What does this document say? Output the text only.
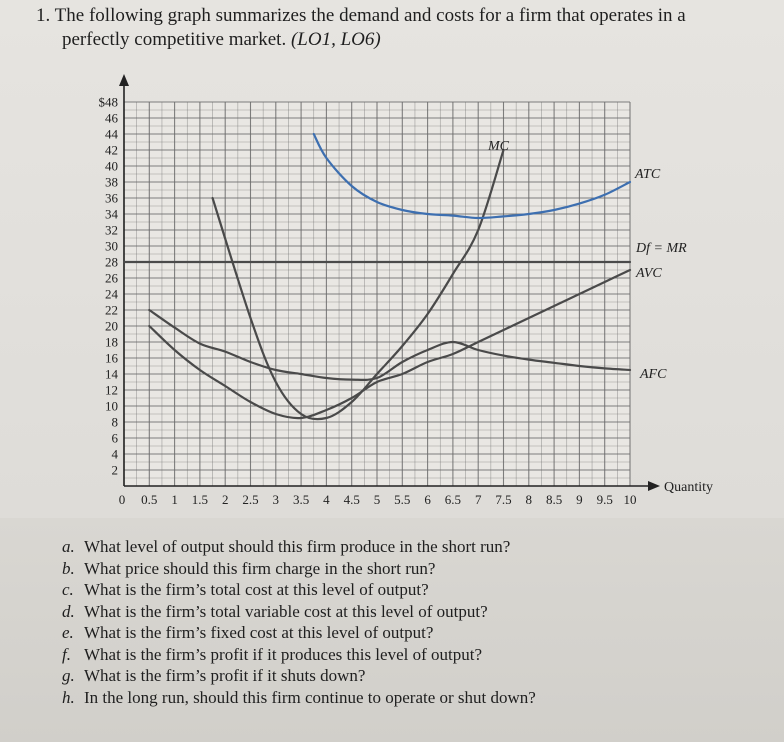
1. The following graph summarizes the demand and costs for a firm that operates in a
perfectly competitive market. (LO1, LO6)
2
4
6
8
10
12
14
16
18
20
22
24
26
28
30
32
34
36
38
40
42
44
46
$48
0 0.5 1 1.5 2 2.5 3 3.5 4 4.5 5 5.5 6 6.5 7 7.5 8 8.5 9 9.5 10
Quantity
MC
ATC
Df = MR
AVC
AFC
a. What level of output should this firm produce in the short run?
b. What price should this firm charge in the short run?
c. What is the firm’s total cost at this level of output?
d. What is the firm’s total variable cost at this level of output?
e. What is the firm’s fixed cost at this level of output?
f. What is the firm’s profit if it produces this level of output?
g. What is the firm’s profit if it shuts down?
h. In the long run, should this firm continue to operate or shut down?
